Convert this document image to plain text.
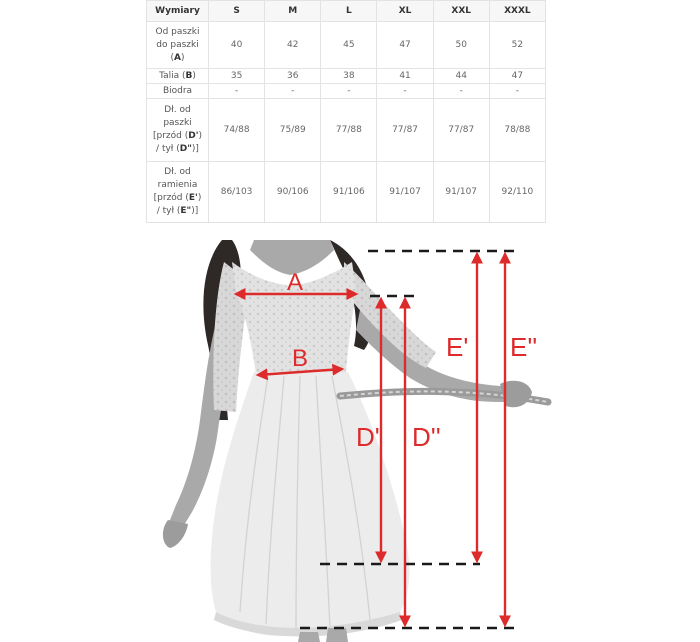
Wymiary	S	M	L	XL	XXL	XXXL
Od paszki
do paszki
(A)	40	42	45	47	50	52
Talia (B)	35	36	38	41	44	47
Biodra	-	-	-	-	-	-
Dł. od
paszki
[przód (D')
/ tył (D")]	74/88	75/89	77/88	77/87	77/87	78/88
Dł. od
ramienia
[przód (E')
/ tył (E")]	86/103	90/106	91/106	91/107	91/107	92/110
A
B
D' D''
E' E''
